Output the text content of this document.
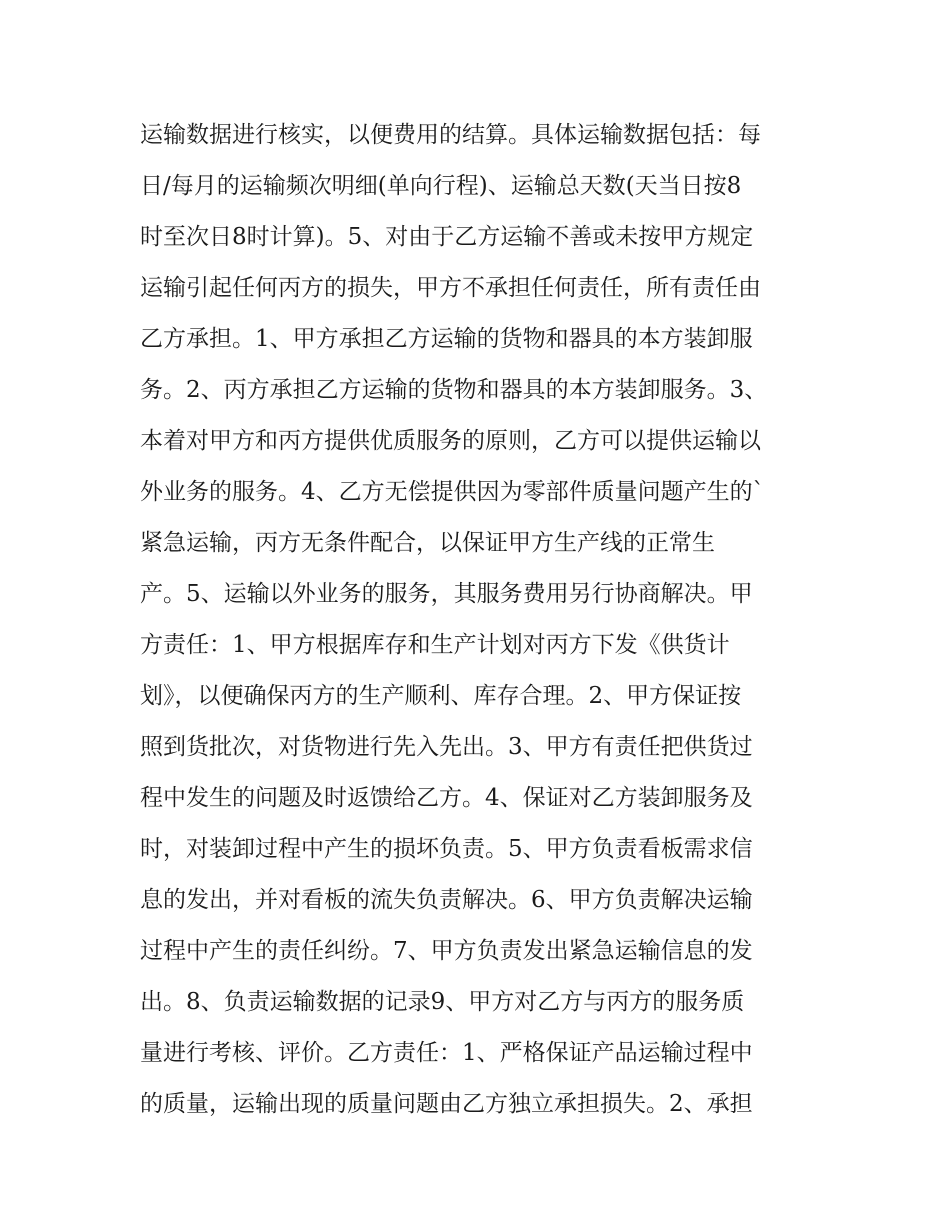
运输数据进行核实，以便费用的结算。具体运输数据包括：每
日/每月的运输频次明细(单向行程)、运输总天数(天当日按8
时至次日8时计算)。5、对由于乙方运输不善或未按甲方规定
运输引起任何丙方的损失，甲方不承担任何责任，所有责任由
乙方承担。1、甲方承担乙方运输的货物和器具的本方装卸服
务。2、丙方承担乙方运输的货物和器具的本方装卸服务。3、
本着对甲方和丙方提供优质服务的原则，乙方可以提供运输以
外业务的服务。4、乙方无偿提供因为零部件质量问题产生的`
紧急运输，丙方无条件配合，以保证甲方生产线的正常生
产。5、运输以外业务的服务，其服务费用另行协商解决。甲
方责任：1、甲方根据库存和生产计划对丙方下发《供货计
划》，以便确保丙方的生产顺利、库存合理。2、甲方保证按
照到货批次，对货物进行先入先出。3、甲方有责任把供货过
程中发生的问题及时返馈给乙方。4、保证对乙方装卸服务及
时，对装卸过程中产生的损坏负责。5、甲方负责看板需求信
息的发出，并对看板的流失负责解决。6、甲方负责解决运输
过程中产生的责任纠纷。7、甲方负责发出紧急运输信息的发
出。8、负责运输数据的记录9、甲方对乙方与丙方的服务质
量进行考核、评价。乙方责任：1、严格保证产品运输过程中
的质量，运输出现的质量问题由乙方独立承担损失。2、承担
